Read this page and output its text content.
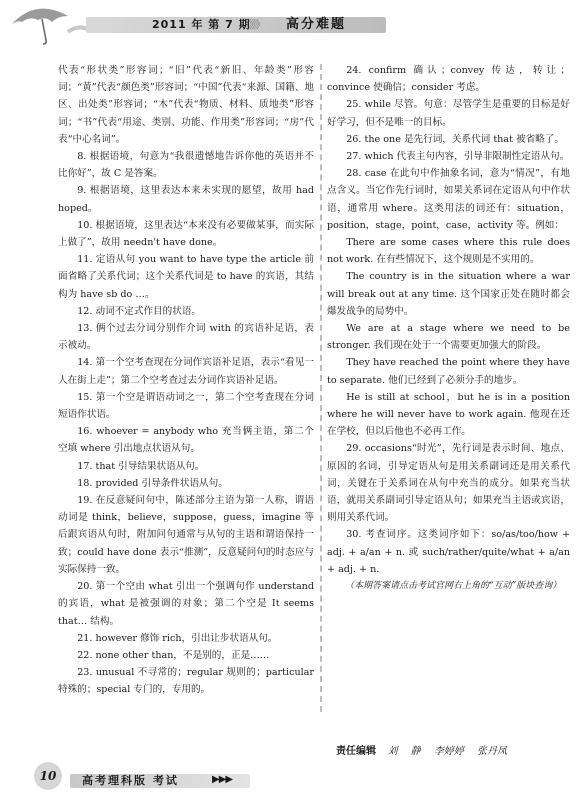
2011 年 第 7 期
》》》 高分难题

代表“形状类”形容词；“旧”代表“新旧、年龄类”形容词；“黄”代表“颜色类”形容词；“中国”代表“来源、国籍、地区、出处类”形容词；“木”代表“物质、材料、质地类”形容词；“书”代表“用途、类别、功能、作用类”形容词；“房”代表“中心名词”。

8. 根据语境，句意为“我很遗憾地告诉你他的英语并不比你好”，故 C 是答案。

9. 根据语境，这里表达本来未实现的愿望，故用 had hoped。

10. 根据语境，这里表达“本来没有必要做某事，而实际上做了”，故用 needn't have done。

11. 定语从句 you want to have type the article 前面省略了关系代词；这个关系代词是 to have 的宾语，其结构为 have sb do …。

12. 动词不定式作目的状语。

13. 俩个过去分词分别作介词 with 的宾语补足语，表示被动。

14. 第一个空考查现在分词作宾语补足语，表示“看见一人在街上走”；第二个空考查过去分词作宾语补足语。

15. 第一个空是谓语动词之一，第二个空考查现在分词短语作状语。

16. whoever = anybody who 充当俩主语，第二个空填 where 引出地点状语从句。

17. that 引导结果状语从句。

18. provided 引导条件状语从句。

19. 在反意疑问句中，陈述部分主语为第一人称，谓语动词是 think，believe，suppose，guess，imagine 等后跟宾语从句时，附加问句通常与从句的主语和谓语保持一致；could have done 表示“推测”，反意疑问句的时态应与实际保持一致。

20. 第一个空由 what 引出一个强调句作 understand 的宾语，what 是被强调的对象；第二个空是 It seems that… 结构。

21. however 修饰 rich，引出让步状语从句。

22. none other than，不是别的，正是……

23. unusual 不寻常的；regular 规则的；particular 特殊的；special 专门的，专用的。

24. confirm 确认；convey 传达，转让；convince 使确信；consider 考虑。

25. while 尽管。句意：尽管学生是重要的目标是好好学习，但不是唯一的目标。

26. the one 是先行词，关系代词 that 被省略了。

27. which 代表主句内容，引导非限制性定语从句。

28. case 在此句中作抽象名词，意为“情况”，有地点含义。当它作先行词时，如果关系词在定语从句中作状语，通常用 where。这类用法的词还有：situation，position，stage，point，case，activity 等。例如：

There are some cases where this rule does not work. 在有些情况下，这个规则是不实用的。

The country is in the situation where a war will break out at any time. 这个国家正处在随时都会爆发战争的局势中。

We are at a stage where we need to be stronger. 我们现在处于一个需要更加强大的阶段。

They have reached the point where they have to separate. 他们已经到了必须分手的地步。

He is still at school，but he is in a position where he will never have to work again. 他现在还在学校，但以后他也不必再工作。

29. occasions“时光”，先行词是表示时间、地点、原因的名词，引导定语从句是用关系副词还是用关系代词，关键在于关系词在从句中充当的成分。如果充当状语，就用关系副词引导定语从句；如果充当主语或宾语，则用关系代词。

30. 考查词序。这类词序如下：so/as/too/how + adj. + a/an + n. 或 such/rather/quite/what + a/an + adj. + n.

（本期答案请点击考试官网右上角的“互动”版块查询）

责任编辑 刘 静 李婷婷 张丹凤
10	高考理科版 考试	▶▶▶
